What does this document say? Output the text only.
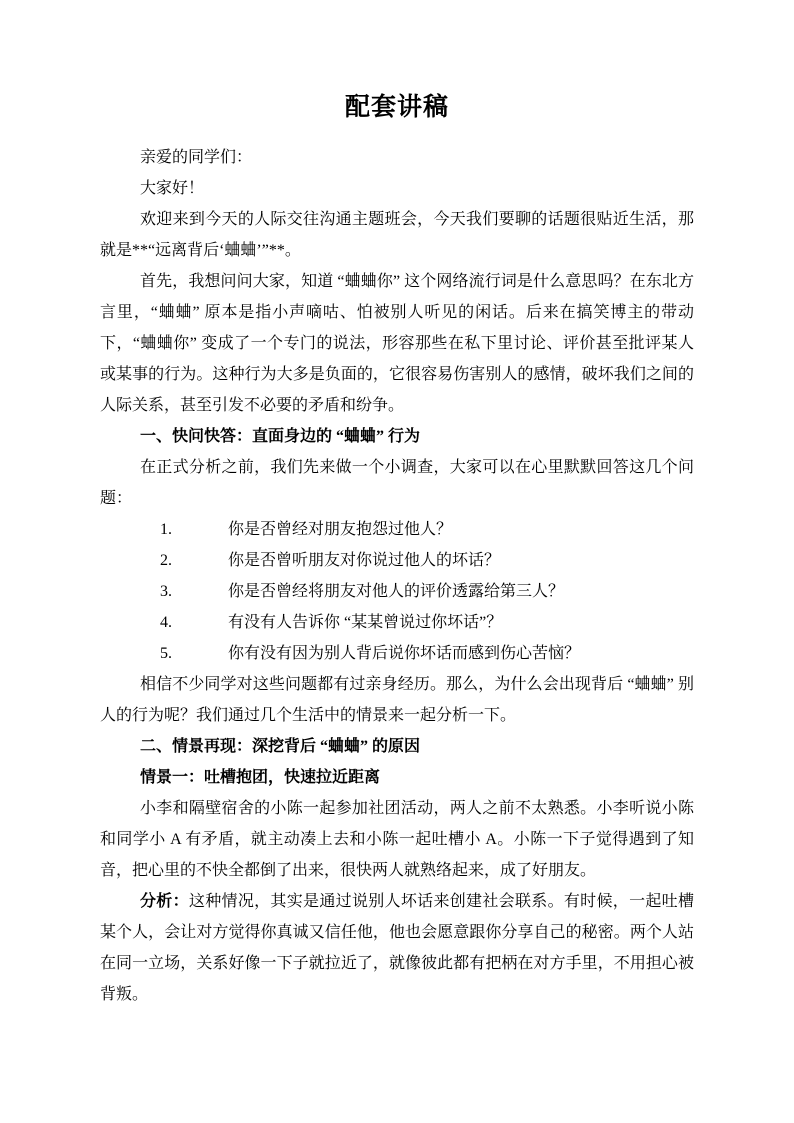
配套讲稿

亲爱的同学们：

大家好！

欢迎来到今天的人际交往沟通主题班会，今天我们要聊的话题很贴近生活，那就是**“远离背后‘蛐蛐’”**。

首先，我想问问大家，知道 “蛐蛐你” 这个网络流行词是什么意思吗？在东北方言里，“蛐蛐” 原本是指小声嘀咕、怕被别人听见的闲话。后来在搞笑博主的带动下，“蛐蛐你” 变成了一个专门的说法，形容那些在私下里讨论、评价甚至批评某人或某事的行为。这种行为大多是负面的，它很容易伤害别人的感情，破坏我们之间的人际关系，甚至引发不必要的矛盾和纷争。

一、快问快答：直面身边的 “蛐蛐” 行为

在正式分析之前，我们先来做一个小调查，大家可以在心里默默回答这几个问题：

1.	你是否曾经对朋友抱怨过他人？
2.	你是否曾听朋友对你说过他人的坏话？
3.	你是否曾经将朋友对他人的评价透露给第三人？
4.	有没有人告诉你 “某某曾说过你坏话”？
5.	你有没有因为别人背后说你坏话而感到伤心苦恼？

相信不少同学对这些问题都有过亲身经历。那么，为什么会出现背后 “蛐蛐” 别人的行为呢？我们通过几个生活中的情景来一起分析一下。

二、情景再现：深挖背后 “蛐蛐” 的原因

情景一：吐槽抱团，快速拉近距离

小李和隔壁宿舍的小陈一起参加社团活动，两人之前不太熟悉。小李听说小陈和同学小 A 有矛盾，就主动凑上去和小陈一起吐槽小 A。小陈一下子觉得遇到了知音，把心里的不快全都倒了出来，很快两人就熟络起来，成了好朋友。

分析：这种情况，其实是通过说别人坏话来创建社会联系。有时候，一起吐槽某个人，会让对方觉得你真诚又信任他，他也会愿意跟你分享自己的秘密。两个人站在同一立场，关系好像一下子就拉近了，就像彼此都有把柄在对方手里，不用担心被背叛。
